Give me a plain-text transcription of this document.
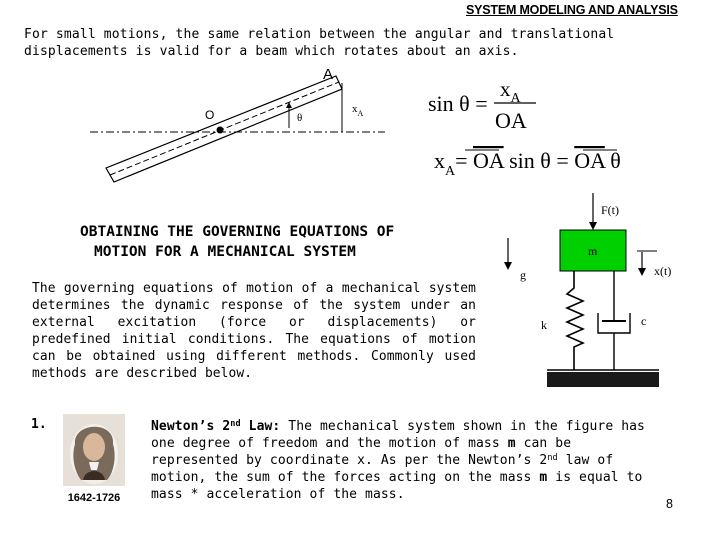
SYSTEM MODELING AND ANALYSIS
For small motions, the same relation between the angular and translational
displacements is valid for a beam which rotates about an axis.
A
O	θ
$x_A$	sin θ =
$x_A$
OA
$x_A=$ OA sin θ = OA θ
OBTAINING THE GOVERNING EQUATIONS OF
MOTION FOR A MECHANICAL SYSTEM
The governing equations of motion of a mechanical system determines the dynamic response of the system under an external excitation (force or displacements) or predefined initial conditions. The equations of motion can be obtained using different methods. Commonly used methods are described below.
F(t)
m
g	x(t)
k	c
1.
1642-1726
Newton’s 2nd Law: The mechanical system shown in the figure has one degree of freedom and the motion of mass m can be represented by coordinate x. As per the Newton’s 2nd law of motion, the sum of the forces acting on the mass m is equal to mass * acceleration of the mass.
8
